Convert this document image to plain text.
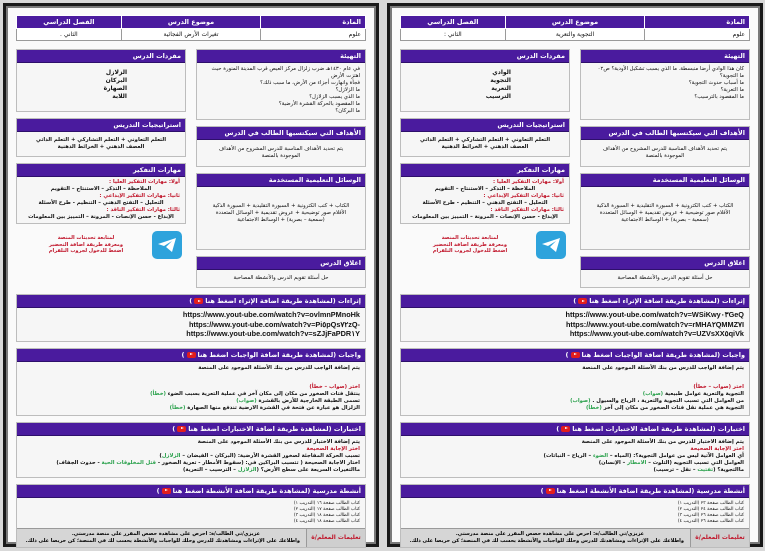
المادة	موضوع الدرس	الفصل الدراسي
علوم	تغيرات الأرض الفجائية	الثاني .
التهيئة
في عام ١٤٣٠هـ ضرب زلزال مركز العيص قرب المدينة المنورة حيث اهتزت الأرض
فجأة وانهارت أجزاء من الأرض، ما سبب ذلك؟
ما الزلازل؟
ما الذي يسبب الزلازل؟
ما المقصود بالحركة القشرة الأرضية؟
ما البركان؟
الأهداف التي سيكتسبها الطالب في الدرس
يتم تحديد الأهداف المناسبة للدرس المشروح من الأهداف الموجودة بالمنصة
الوسائل التعليمية المستخدمة
الكتاب + كتب الكترونية + السبورة التقليدية + السبورة الذكية
الأقلام صور توضيحية + عروض تقديمية + الوسائل المتعددة
(سمعية – بصرية) + الوسائط الاجتماعية
اغلاق الدرس
حل أسئلة تقويم الدرس والأنشطة المصاحبة
مفردات الدرس
الزلازل
البركان
الصهارة
اللابة
استراتيجيات التدريس
التعلم التعاوني + التعلم التشاركي + التعلم الذاتي
العصف الذهني + الخرائط الذهنية
مهارات التفكير
أولا: مهارات التفكير العليا :
الملاحظة – التذكر – الاستنتاج – التقويم
ثانيا: مهارات التفكير الإبداعي :
التحليل – التفتح الذهني – التنظيم - طرح الأسئلة
ثالثا: مهارات التفكير الناقد :
الإبداع - حسن الإنصات - المرونة – التمييز بين المعلومات
لمتابعة تحديثات المنصة
ومعرفة طريقة اضافة التحضير
اضغط للدخول لجروب التلقرام
إثراءات (لمشاهدة طريقة اضافة الإثراء اضغط هنا)
https://www.yout-ube.com/watch?v=ovlmnPMnoHk
https://www.yout-ube.com/watch?v=Pi٥pQs٧٢zQ-
https://www.yout-ube.com/watch?v=sZJjFaPDR١Y
واجبات (لمشاهدة طريقة اضافة الواجبات اضغط هنا)
يتم إضافة الواجب للدرس من بنك الأسئلة الموجود على المنصة
اختر (صواب – خطأ)
ينتقل فتات الصخور من مكان إلى مكان آخر في عملية التعرية بسبب الضوء (خطأ)
تسمى الطبقة الخارجية للأرض بالقشرة (صواب)
الزلزال هو عبارة عن فتحة في القشرة الارضية تندفع منها الصهارة (خطأ)
اختبارات (لمشاهدة طريقة اضافة الاختبارات اضغط هنا)
يتم إضافة الاختبار للدرس من بنك الأسئلة الموجود على المنصة
اختر الإجابة الصحيحة
تسبب الحركة المفاجئة لصخور القشرة الأرضية: (البركان – الفيضان – الزلازل)
اختار الاجابة الصحيحة ( تتسبب البراكين في: (سقوط الأمطار - تعرية الصخور - قتل المخلوقات الحية - حدوث الجفاف)
ماالتغيرات السريعة على سطح الأرض؟ (الزلازل – الترسيب – التعرية)
أنشطة مدرسية (لمشاهدة طريقة اضافة الأنشطة اضغط هنا)
كتاب الطالب صفحة ١٦ (التدريب ١)
كتاب الطالب صفحة ١٧ (التدريب ٢)
كتاب الطالب صفحة ١٨ (التدريب ٣)
كتاب الطالب صفحة ١٨ (التدريب ٤)
تعليمات المعلم/ة
عزيزي/تي الطالب/ة: احرص على مشاهدة حصص المقرر على منصة مدرستي.
واطلاعك على الإثراءات ومشاهدتك للدرس وحلك للواجبات والأنشطة يحسب لك في المنصة؛ كن حريصا على ذلك.
المادة	موضوع الدرس	الفصل الدراسي
علوم	التجوية والتعرية	الثاني :
التهيئة
كان هذا الوادي أرضا منبسطة. ما الذي يسبب تشكيل الأودية؟ ص٠٢
ما التجوية؟
ما أسباب حدوث التجوية؟
ما التعرية؟
ما المقصود بالترسيب؟
الأهداف التي سيكتسبها الطالب في الدرس
يتم تحديد الأهداف المناسبة للدرس المشروح من الأهداف الموجودة بالمنصة
الوسائل التعليمية المستخدمة
الكتاب + كتب الكترونية + السبورة التقليدية + السبورة الذكية
الأقلام صور توضيحية + عروض تقديمية + الوسائل المتعددة
(سمعية – بصرية) + الوسائط الاجتماعية
اغلاق الدرس
حل أسئلة تقويم الدرس والأنشطة المصاحبة
مفردات الدرس
الوادي
التجوية
التعرية
الترسيب
استراتيجيات التدريس
التعلم التعاوني + التعلم التشاركي + التعلم الذاتي
العصف الذهني + الخرائط الذهنية
مهارات التفكير
أولا: مهارات التفكير العليا :
الملاحظة – التذكر – الاستنتاج – التقويم
ثانيا: مهارات التفكير الإبداعي :
التحليل – التفتح الذهني – التنظيم - طرح الأسئلة
ثالثا: مهارات التفكير الناقد :
الإبداع - حسن الإنصات - المرونة – التمييز بين المعلومات
لمتابعة تحديثات المنصة
ومعرفة طريقة اضافة التحضير
اضغط للدخول لجروب التلقرام
إثراءات (لمشاهدة طريقة اضافة الإثراء اضغط هنا)
https://www.yout-ube.com/watch?v=WSiKwy٠٣GeQ
https://www.yout-ube.com/watch?v=rMHA٢QMMZ٧I
https://www.yout-ube.com/watch?v=UZVsXX٥qiVk
واجبات (لمشاهدة طريقة اضافة الواجبات اضغط هنا)
يتم إضافة الواجب للدرس من بنك الأسئلة الموجود على المنصة
اختر (صواب – خطأ)
التجوية والتعرية عوامل طبيعية (صواب)
من العوامل التي تسبب التجوية والتعرية ، الرياح والسيول . (صواب)
التجوية هي عملية نقل فتات الصخور من مكان إلى آخر (خطأ)
اختبارات (لمشاهدة طريقة اضافة الاختبارات اضغط هنا)
يتم إضافة الاختبار للدرس من بنك الأسئلة الموجود على المنصة
اختر الإجابة الصحيحة
أي العوامل الآتية ليس من عوامل التجوية؟: (المياه – الضوء – الرياح – النباتات)
العوامل التي تسبب التجويه (التلوث – الامطار – الإنسان)
ماالتجوية؟ (تفتيت – نقل – ترسيب)
أنشطة مدرسية (لمشاهدة طريقة اضافة الأنشطة اضغط هنا)
كتاب الطالب صفحة ٢٣ (التدريب ١)
كتاب الطالب صفحة ٢٤ (التدريب ٢)
كتاب الطالب صفحة ٢٦ (التدريب ٣)
كتاب الطالب صفحة ٢٦ (التدريب ٤)
تعليمات المعلم/ة
عزيزي/تي الطالب/ة: احرص على مشاهدة حصص المقرر على منصة مدرستي.
واطلاعك على الإثراءات ومشاهدتك للدرس وحلك للواجبات والأنشطة يحسب لك في المنصة؛ كن حريصا على ذلك.
